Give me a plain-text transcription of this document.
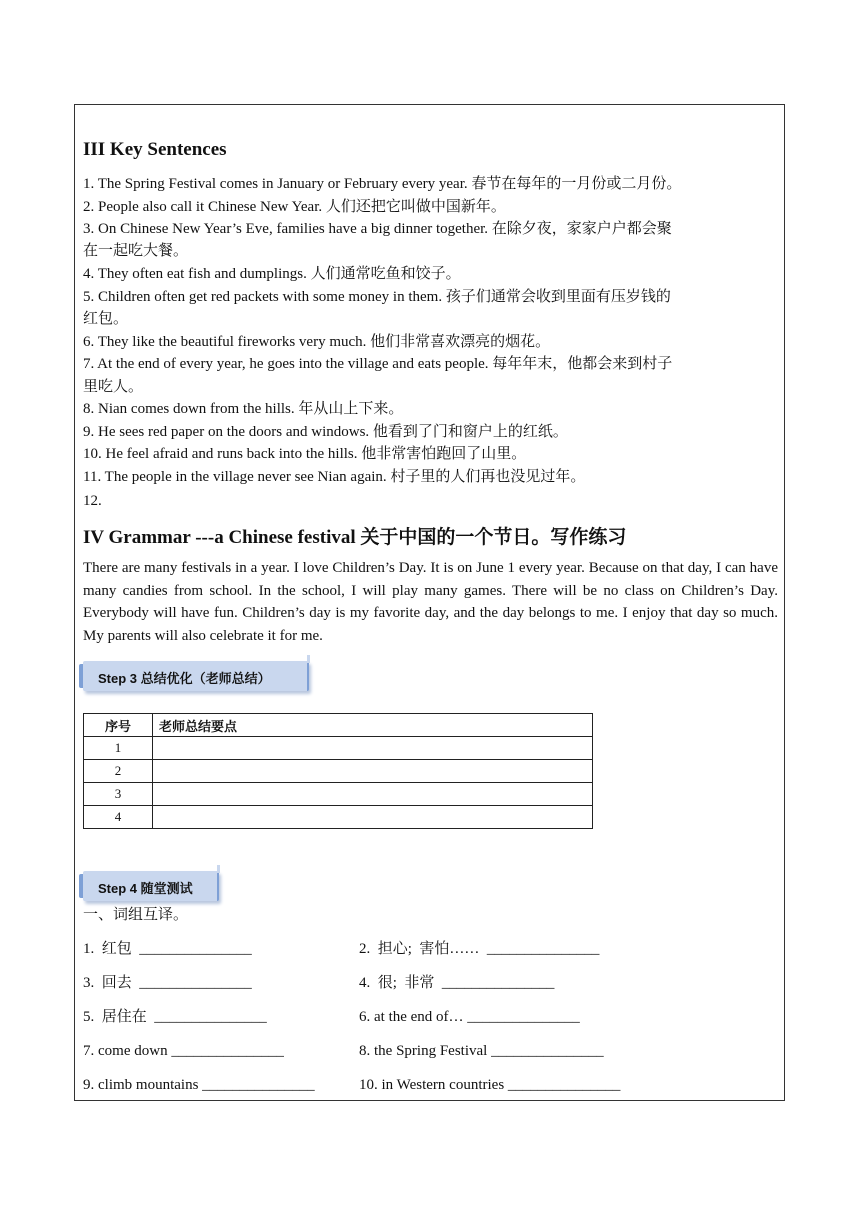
III Key Sentences
1. The Spring Festival comes in January or February every year. 春节在每年的一月份或二月份。
2. People also call it Chinese New Year. 人们还把它叫做中国新年。
3. On Chinese New Year’s Eve, families have a big dinner together. 在除夕夜，家家户户都会聚
在一起吃大餐。
4. They often eat fish and dumplings. 人们通常吃鱼和饺子。
5. Children often get red packets with some money in them. 孩子们通常会收到里面有压岁钱的
红包。
6. They like the beautiful fireworks very much. 他们非常喜欢漂亮的烟花。
7. At the end of every year, he goes into the village and eats people. 每年年末，他都会来到村子
里吃人。
8. Nian comes down from the hills. 年从山上下来。
9. He sees red paper on the doors and windows. 他看到了门和窗户上的红纸。
10. He feel afraid and runs back into the hills. 他非常害怕跑回了山里。
11. The people in the village never see Nian again. 村子里的人们再也没见过年。
12.
IV Grammar ---a Chinese festival 关于中国的一个节日。写作练习
There are many festivals in a year. I love Children’s Day. It is on June 1 every year. Because on that day, I can have many candies from school. In the school, I will play many games. There will be no class on Children’s Day. Everybody will have fun. Children’s day is my favorite day, and the day belongs to me. I enjoy that day so much. My parents will also celebrate it for me.
Step 3 总结优化（老师总结）
序号	老师总结要点
1	
2	
3	
4	
Step 4 随堂测试
一、词组互译。
1.  红包  _______________	2.  担心;  害怕……  _______________
3.  回去  _______________	4.  很;  非常  _______________
5.  居住在  _______________	6. at the end of… _______________
7. come down _______________	8. the Spring Festival _______________
9. climb mountains _______________	10. in Western countries _______________
